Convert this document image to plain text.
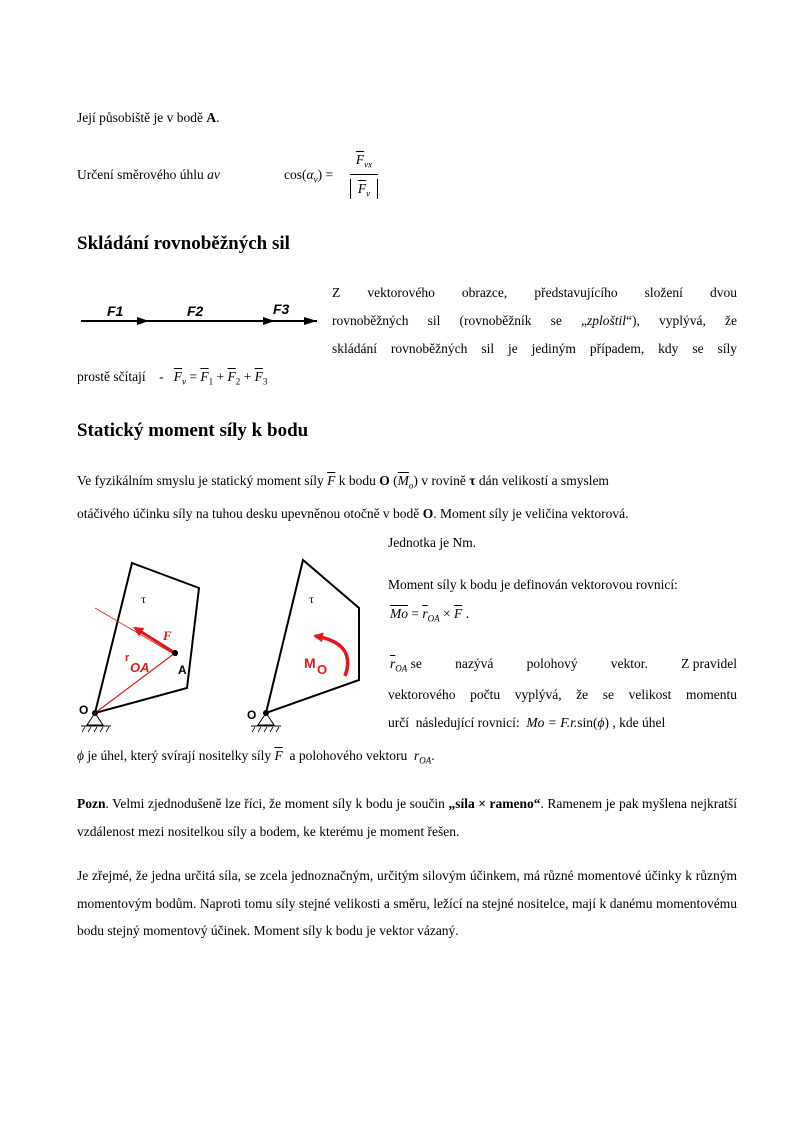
Její působiště je v bodě A.
Určení směrového úhlu av	$\cos(\alpha_v)$ =
$\overline{F}_{vx}$
$\overline{F}_v$
Skládání rovnoběžných sil
F1	F2	F3
Z vektorového obrazce, představujícího složení dvou
rovnoběžných sil (rovnoběžník se „zploštil“), vyplývá, že
skládání rovnoběžných sil je jediným případem, kdy se síly
prostě sčítají    -   $\overline{F}_v = \overline{F}_1 + \overline{F}_2 + \overline{F}_3$
Statický moment síly k bodu
Ve fyzikálním smyslu je statický moment síly $\overline{F}$ k bodu O $(\overline{M}_o)$ v rovině τ dán velikostí a smyslem
otáčivého účinku síly na tuhou desku upevněnou otočně v bodě O. Moment síly je veličina vektorová.
Jednotka je Nm.
Moment síly k bodu je definován vektorovou rovnicí:
$\overline{Mo} = \overline{r}_{OA} \times \overline{F}$ .
$\overline{r}_{OA}$ se nazývá polohový vektor. Z pravidel
vektorového počtu vyplývá, že se velikost momentu
určí  následující rovnicí:  Mo = F.r.sin(ϕ) , kde úhel
ϕ je úhel, který svírají nositelky síly $\overline{F}$  a polohového vektoru  $r_{OA}$.
τ
F
r
OA A
O
τ
M O
O
Pozn. Velmi zjednodušeně lze říci, že moment síly k bodu je součin „síla × rameno“. Ramenem je pak myšlena nejkratší vzdálenost mezi nositelkou síly a bodem, ke kterému je moment řešen.
Je zřejmé, že jedna určitá síla, se zcela jednoznačným, určitým silovým účinkem, má různé momentové účinky k různým momentovým bodům. Naproti tomu síly stejné velikosti a směru, ležící na stejné nositelce, mají k danému momentovému bodu stejný momentový účinek. Moment síly k bodu je vektor vázaný.
